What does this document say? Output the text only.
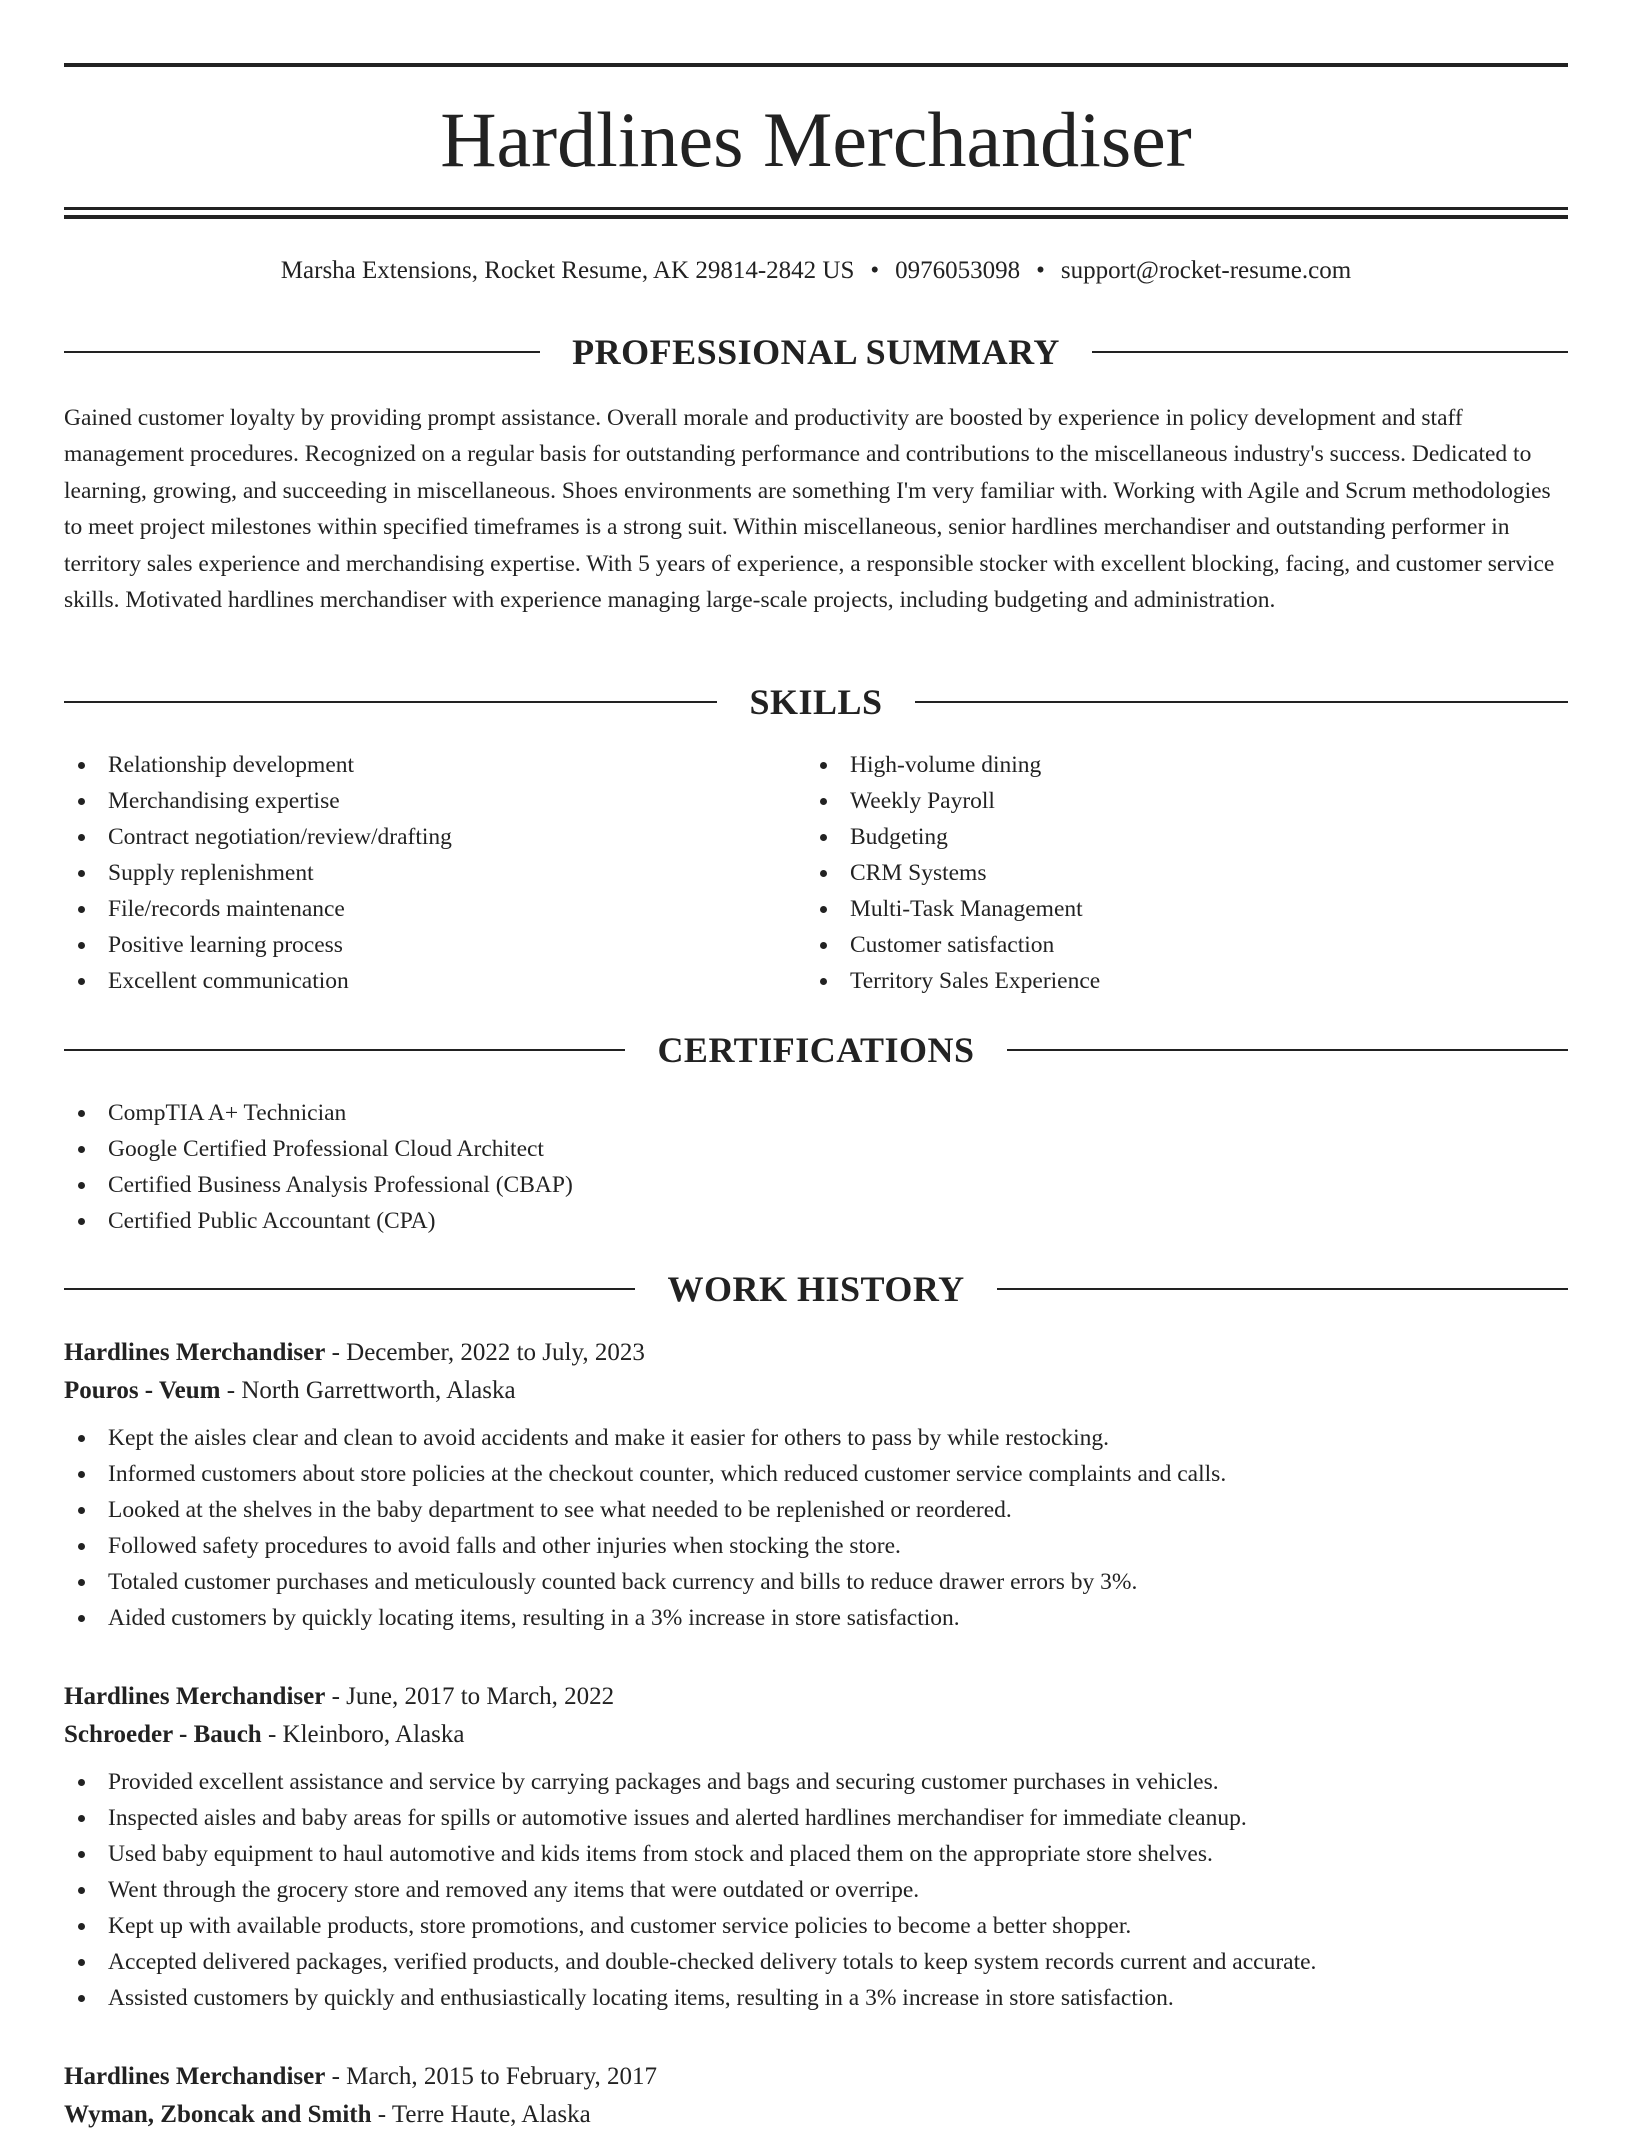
Hardlines Merchandiser
Marsha Extensions, Rocket Resume, AK 29814-2842 US • 0976053098 • support@rocket-resume.com
PROFESSIONAL SUMMARY

Gained customer loyalty by providing prompt assistance. Overall morale and productivity are boosted by experience in policy development and staff management procedures. Recognized on a regular basis for outstanding performance and contributions to the miscellaneous industry's success. Dedicated to learning, growing, and succeeding in miscellaneous. Shoes environments are something I'm very familiar with. Working with Agile and Scrum methodologies to meet project milestones within specified timeframes is a strong suit. Within miscellaneous, senior hardlines merchandiser and outstanding performer in territory sales experience and merchandising expertise. With 5 years of experience, a responsible stocker with excellent blocking, facing, and customer service skills. Motivated hardlines merchandiser with experience managing large-scale projects, including budgeting and administration.

SKILLS
Relationship development
Merchandising expertise
Contract negotiation/review/drafting
Supply replenishment
File/records maintenance
Positive learning process
Excellent communication
High-volume dining
Weekly Payroll
Budgeting
CRM Systems
Multi-Task Management
Customer satisfaction
Territory Sales Experience
CERTIFICATIONS
CompTIA A+ Technician
Google Certified Professional Cloud Architect
Certified Business Analysis Professional (CBAP)
Certified Public Accountant (CPA)
WORK HISTORY
Hardlines Merchandiser - December, 2022 to July, 2023
Pouros - Veum - North Garrettworth, Alaska
Kept the aisles clear and clean to avoid accidents and make it easier for others to pass by while restocking.
Informed customers about store policies at the checkout counter, which reduced customer service complaints and calls.
Looked at the shelves in the baby department to see what needed to be replenished or reordered.
Followed safety procedures to avoid falls and other injuries when stocking the store.
Totaled customer purchases and meticulously counted back currency and bills to reduce drawer errors by 3%.
Aided customers by quickly locating items, resulting in a 3% increase in store satisfaction.
Hardlines Merchandiser - June, 2017 to March, 2022
Schroeder - Bauch - Kleinboro, Alaska
Provided excellent assistance and service by carrying packages and bags and securing customer purchases in vehicles.
Inspected aisles and baby areas for spills or automotive issues and alerted hardlines merchandiser for immediate cleanup.
Used baby equipment to haul automotive and kids items from stock and placed them on the appropriate store shelves.
Went through the grocery store and removed any items that were outdated or overripe.
Kept up with available products, store promotions, and customer service policies to become a better shopper.
Accepted delivered packages, verified products, and double-checked delivery totals to keep system records current and accurate.
Assisted customers by quickly and enthusiastically locating items, resulting in a 3% increase in store satisfaction.
Hardlines Merchandiser - March, 2015 to February, 2017
Wyman, Zboncak and Smith - Terre Haute, Alaska
